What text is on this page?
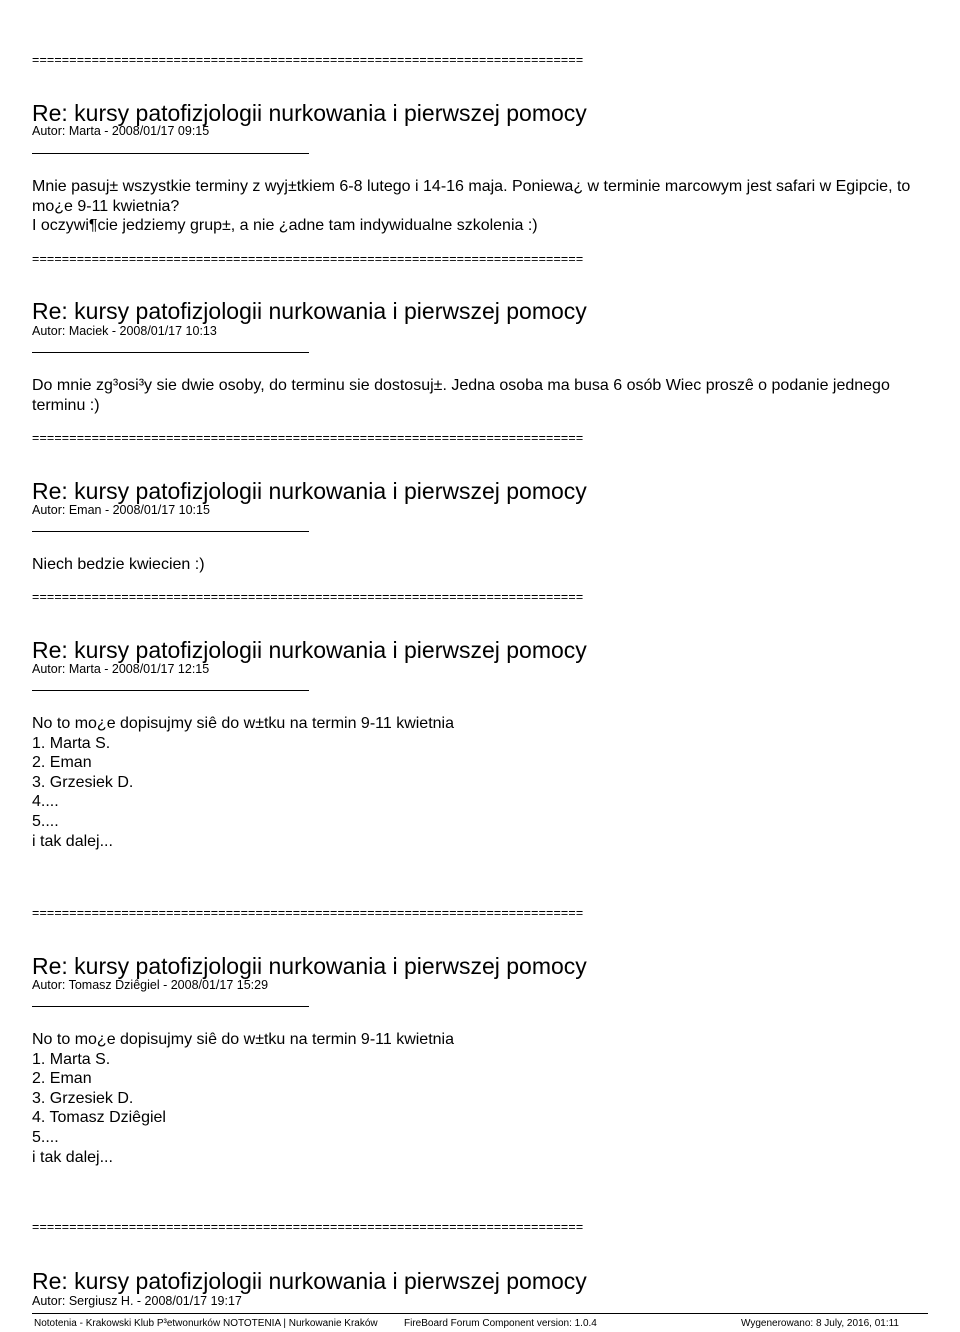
==========================================================================
==========================================================================
==========================================================================
==========================================================================
==========================================================================
==========================================================================
Re: kursy patofizjologii nurkowania i pierwszej pomocy
Autor: Marta - 2008/01/17 09:15

Mnie pasuj± wszystkie terminy z wyj±tkiem 6-8 lutego i 14-16 maja. Poniewa¿ w terminie marcowym jest safari w Egipcie, to mo¿e 9-11 kwietnia?

I oczywi¶cie jedziemy grup±, a nie ¿adne tam indywidualne szkolenia :)

Re: kursy patofizjologii nurkowania i pierwszej pomocy
Autor: Maciek - 2008/01/17 10:13

Do mnie zg³osi³y sie dwie osoby, do terminu sie dostosuj±. Jedna osoba ma busa 6 osób Wiec proszê o podanie jednego terminu :)

Re: kursy patofizjologii nurkowania i pierwszej pomocy
Autor: Eman - 2008/01/17 10:15

Niech bedzie kwiecien :)

Re: kursy patofizjologii nurkowania i pierwszej pomocy
Autor: Marta - 2008/01/17 12:15

No to mo¿e dopisujmy siê do w±tku na termin 9-11 kwietnia

1. Marta S.

2. Eman

3. Grzesiek D.

4....

5....

i tak dalej...

Re: kursy patofizjologii nurkowania i pierwszej pomocy
Autor: Tomasz Dziêgiel - 2008/01/17 15:29

No to mo¿e dopisujmy siê do w±tku na termin 9-11 kwietnia

1. Marta S.

2. Eman

3. Grzesiek D.

4. Tomasz Dziêgiel

5....

i tak dalej...

Re: kursy patofizjologii nurkowania i pierwszej pomocy
Autor: Sergiusz H. - 2008/01/17 19:17
Nototenia - Krakowski Klub P³etwonurków NOTOTENIA | Nurkowanie Kraków	FireBoard Forum Component version: 1.0.4	Wygenerowano: 8 July, 2016, 01:11
